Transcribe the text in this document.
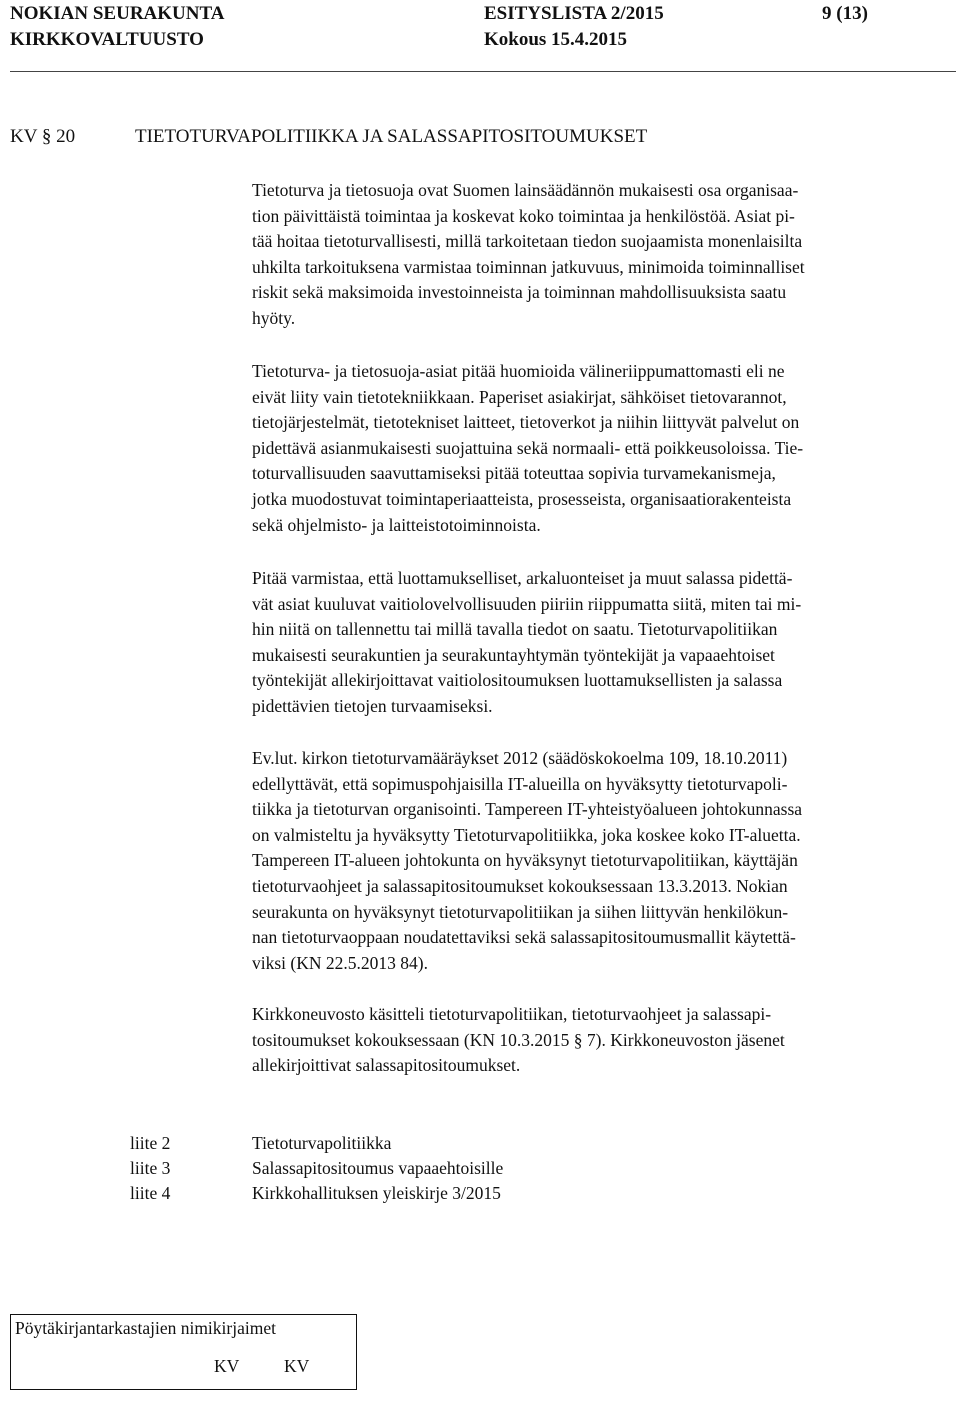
NOKIAN SEURAKUNTA
KIRKKOVALTUUSTO
ESITYSLISTA 2/2015
Kokous 15.4.2015
9 (13)
KV § 20	TIETOTURVAPOLITIIKKA JA SALASSAPITOSITOUMUKSET
Tietoturva ja tietosuoja ovat Suomen lainsäädännön mukaisesti osa organisaa-
tion päivittäistä toimintaa ja koskevat koko toimintaa ja henkilöstöä. Asiat pi-
tää hoitaa tietoturvallisesti, millä tarkoitetaan tiedon suojaamista monenlaisilta
uhkilta tarkoituksena varmistaa toiminnan jatkuvuus, minimoida toiminnalliset
riskit sekä maksimoida investoinneista ja toiminnan mahdollisuuksista saatu
hyöty.
Tietoturva- ja tietosuoja-asiat pitää huomioida välineriippumattomasti eli ne
eivät liity vain tietotekniikkaan. Paperiset asiakirjat, sähköiset tietovarannot,
tietojärjestelmät, tietotekniset laitteet, tietoverkot ja niihin liittyvät palvelut on
pidettävä asianmukaisesti suojattuina sekä normaali- että poikkeusoloissa. Tie-
toturvallisuuden saavuttamiseksi pitää toteuttaa sopivia turvamekanismeja,
jotka muodostuvat toimintaperiaatteista, prosesseista, organisaatiorakenteista
sekä ohjelmisto- ja laitteistotoiminnoista.
Pitää varmistaa, että luottamukselliset, arkaluonteiset ja muut salassa pidettä-
vät asiat kuuluvat vaitiolovelvollisuuden piiriin riippumatta siitä, miten tai mi-
hin niitä on tallennettu tai millä tavalla tiedot on saatu. Tietoturvapolitiikan
mukaisesti seurakuntien ja seurakuntayhtymän työntekijät ja vapaaehtoiset
työntekijät allekirjoittavat vaitiolositoumuksen luottamuksellisten ja salassa
pidettävien tietojen turvaamiseksi.
Ev.lut. kirkon tietoturvamääräykset 2012 (säädöskokoelma 109, 18.10.2011)
edellyttävät, että sopimuspohjaisilla IT-alueilla on hyväksytty tietoturvapoli-
tiikka ja tietoturvan organisointi. Tampereen IT-yhteistyöalueen johtokunnassa
on valmisteltu ja hyväksytty Tietoturvapolitiikka, joka koskee koko IT-aluetta.
Tampereen IT-alueen johtokunta on hyväksynyt tietoturvapolitiikan, käyttäjän
tietoturvaohjeet ja salassapitositoumukset kokouksessaan 13.3.2013. Nokian
seurakunta on hyväksynyt tietoturvapolitiikan ja siihen liittyvän henkilökun-
nan tietoturvaoppaan noudatettaviksi sekä salassapitositoumusmallit käytettä-
viksi (KN 22.5.2013 84).
Kirkkoneuvosto käsitteli tietoturvapolitiikan, tietoturvaohjeet ja salassapi-
tositoumukset kokouksessaan (KN 10.3.2015 § 7). Kirkkoneuvoston jäsenet
allekirjoittivat salassapitositoumukset.
liite 2	Tietoturvapolitiikka
liite 3	Salassapitositoumus vapaaehtoisille
liite 4	Kirkkohallituksen yleiskirje 3/2015
Pöytäkirjantarkastajien nimikirjaimet
KV	KV
